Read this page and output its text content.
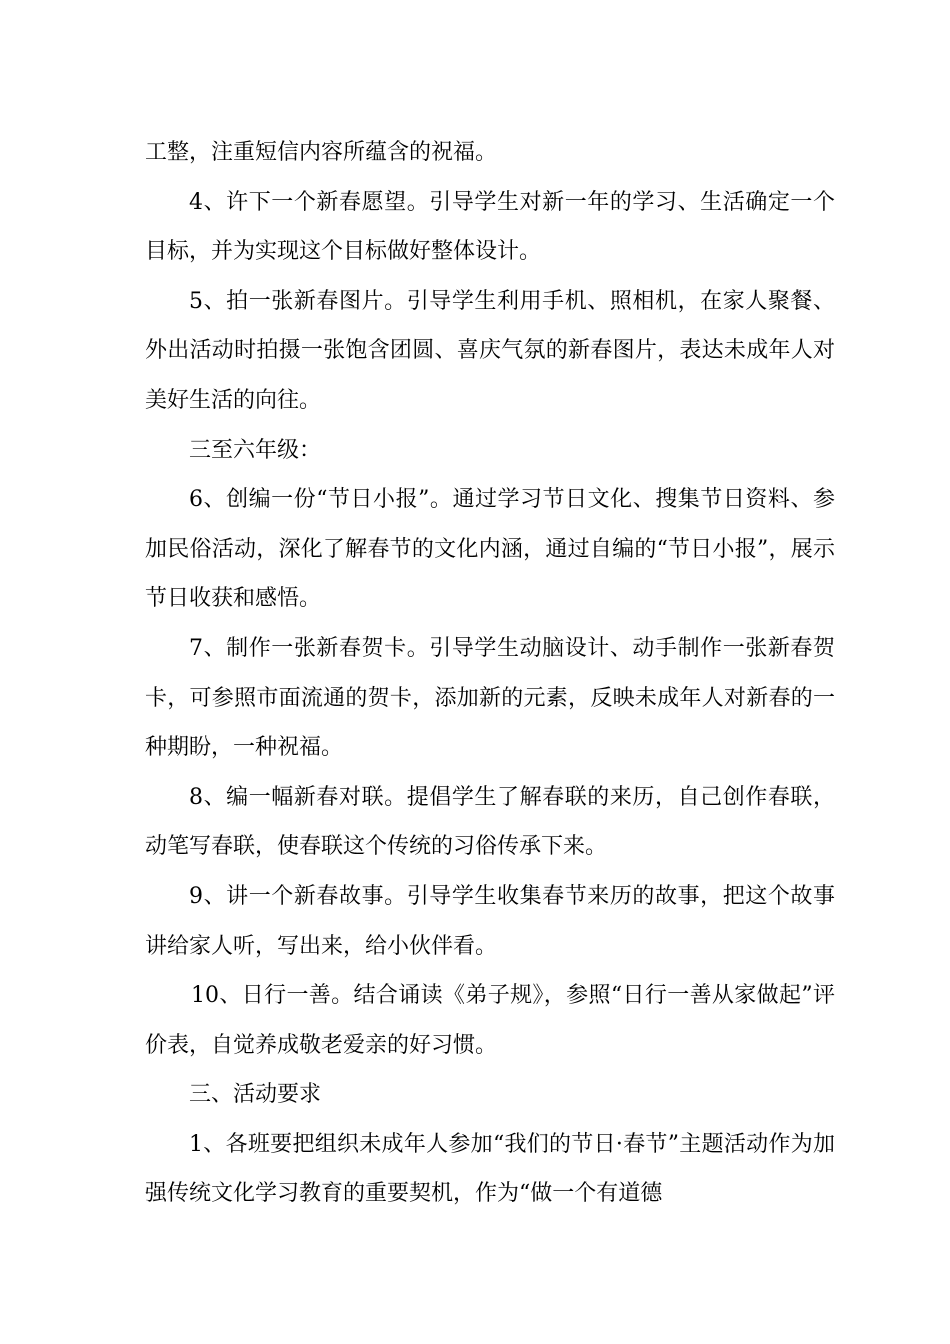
工整，注重短信内容所蕴含的祝福。

4、许下一个新春愿望。引导学生对新一年的学习、生活确定一个目标，并为实现这个目标做好整体设计。

5、拍一张新春图片。引导学生利用手机、照相机，在家人聚餐、外出活动时拍摄一张饱含团圆、喜庆气氛的新春图片，表达未成年人对美好生活的向往。

三至六年级：

6、创编一份“节日小报”。通过学习节日文化、搜集节日资料、参加民俗活动，深化了解春节的文化内涵，通过自编的“节日小报”，展示节日收获和感悟。

7、制作一张新春贺卡。引导学生动脑设计、动手制作一张新春贺卡，可参照市面流通的贺卡，添加新的元素，反映未成年人对新春的一种期盼，一种祝福。

8、编一幅新春对联。提倡学生了解春联的来历，自己创作春联，动笔写春联，使春联这个传统的习俗传承下来。

9、讲一个新春故事。引导学生收集春节来历的故事，把这个故事讲给家人听，写出来，给小伙伴看。

10、日行一善。结合诵读《弟子规》，参照“日行一善从家做起”评价表，自觉养成敬老爱亲的好习惯。

三、活动要求

1、各班要把组织未成年人参加“我们的节日·春节”主题活动作为加强传统文化学习教育的重要契机，作为“做一个有道德
